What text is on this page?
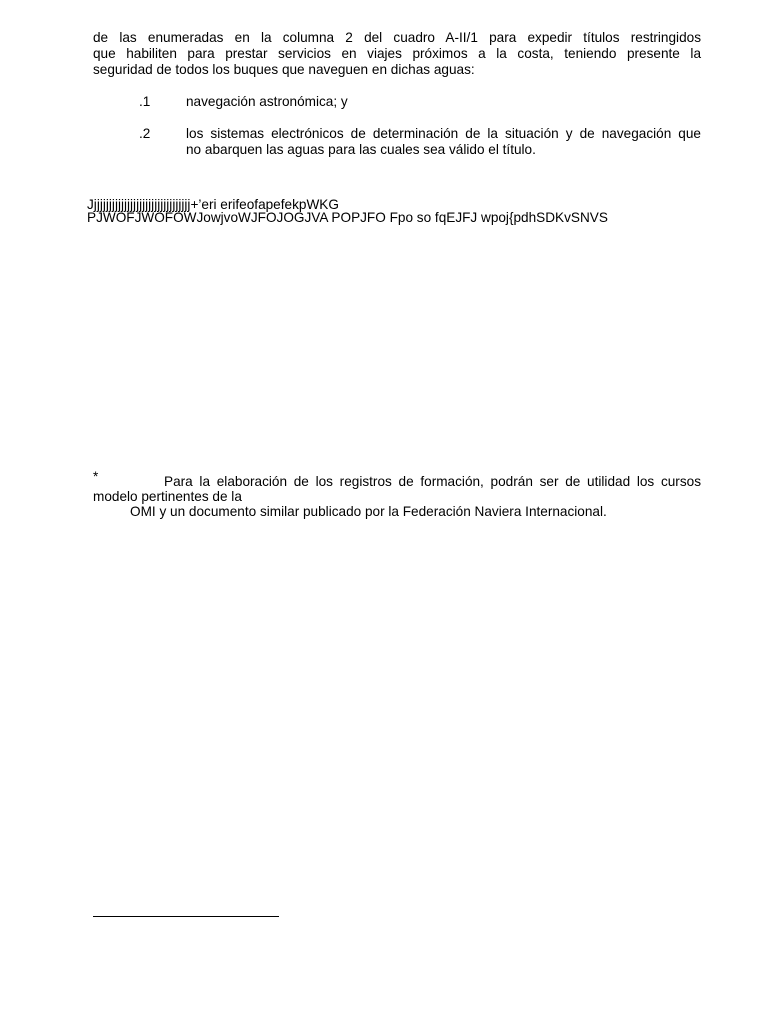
de las enumeradas en la columna 2 del cuadro A-II/1 para expedir títulos restringidos
que habiliten para prestar servicios en viajes próximos a la costa, teniendo presente la
seguridad de todos los buques que naveguen en dichas aguas:
.1	navegación astronómica; y
.2	los sistemas electrónicos de determinación de la situación y de navegación que
no abarquen las aguas para las cuales sea válido el título.
Jjjjjjjjjjjjjjjjjjjjjjjjjjjjjjjjj+’eri erifeofapefekpWKG
PJWOFJWOFOWJowjvoWJFOJOGJVA POPJFO Fpo so fqEJFJ wpoj{pdhSDKvSNVS
*	Para la elaboración de los registros de formación, podrán ser de utilidad los cursos
modelo pertinentes de la
OMI y un documento similar publicado por la Federación Naviera Internacional.
